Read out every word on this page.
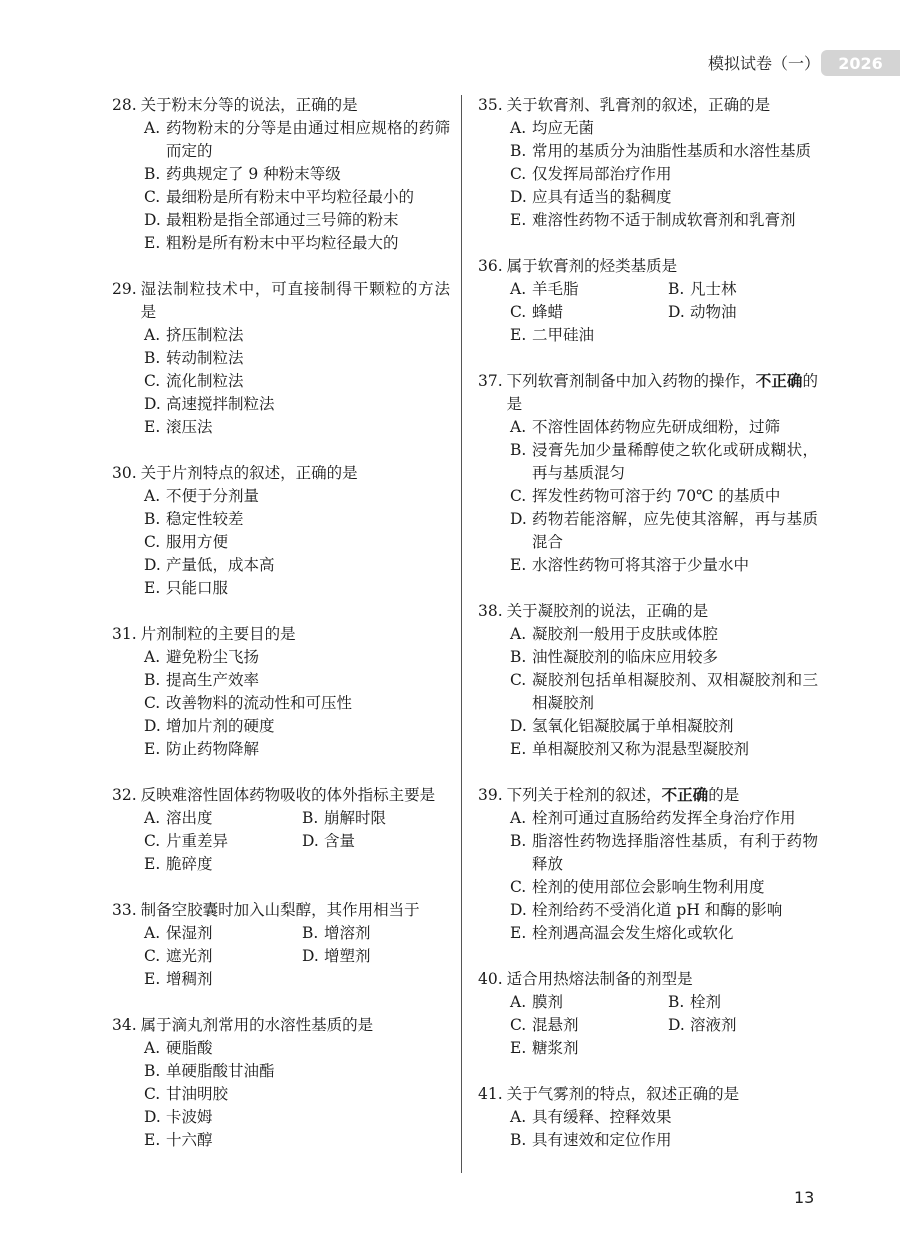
模拟试卷（一）	2026
28. 关于粉末分等的说法，正确的是
A. 药物粉末的分等是由通过相应规格的药筛而定的
B. 药典规定了 9 种粉末等级
C. 最细粉是所有粉末中平均粒径最小的
D. 最粗粉是指全部通过三号筛的粉末
E. 粗粉是所有粉末中平均粒径最大的
29. 湿法制粒技术中，可直接制得干颗粒的方法是
A. 挤压制粒法
B. 转动制粒法
C. 流化制粒法
D. 高速搅拌制粒法
E. 滚压法
30. 关于片剂特点的叙述，正确的是
A. 不便于分剂量
B. 稳定性较差
C. 服用方便
D. 产量低，成本高
E. 只能口服
31. 片剂制粒的主要目的是
A. 避免粉尘飞扬
B. 提高生产效率
C. 改善物料的流动性和可压性
D. 增加片剂的硬度
E. 防止药物降解
32. 反映难溶性固体药物吸收的体外指标主要是
A. 溶出度	B. 崩解时限
C. 片重差异	D. 含量
E. 脆碎度
33. 制备空胶囊时加入山梨醇，其作用相当于
A. 保湿剂	B. 增溶剂
C. 遮光剂	D. 增塑剂
E. 增稠剂
34. 属于滴丸剂常用的水溶性基质的是
A. 硬脂酸
B. 单硬脂酸甘油酯
C. 甘油明胶
D. 卡波姆
E. 十六醇
35. 关于软膏剂、乳膏剂的叙述，正确的是
A. 均应无菌
B. 常用的基质分为油脂性基质和水溶性基质
C. 仅发挥局部治疗作用
D. 应具有适当的黏稠度
E. 难溶性药物不适于制成软膏剂和乳膏剂
36. 属于软膏剂的烃类基质是
A. 羊毛脂	B. 凡士林
C. 蜂蜡	D. 动物油
E. 二甲硅油
37. 下列软膏剂制备中加入药物的操作，不正确的是
A. 不溶性固体药物应先研成细粉，过筛
B. 浸膏先加少量稀醇使之软化或研成糊状，再与基质混匀
C. 挥发性药物可溶于约 70℃ 的基质中
D. 药物若能溶解，应先使其溶解，再与基质混合
E. 水溶性药物可将其溶于少量水中
38. 关于凝胶剂的说法，正确的是
A. 凝胶剂一般用于皮肤或体腔
B. 油性凝胶剂的临床应用较多
C. 凝胶剂包括单相凝胶剂、双相凝胶剂和三相凝胶剂
D. 氢氧化铝凝胶属于单相凝胶剂
E. 单相凝胶剂又称为混悬型凝胶剂
39. 下列关于栓剂的叙述，不正确的是
A. 栓剂可通过直肠给药发挥全身治疗作用
B. 脂溶性药物选择脂溶性基质，有利于药物释放
C. 栓剂的使用部位会影响生物利用度
D. 栓剂给药不受消化道 pH 和酶的影响
E. 栓剂遇高温会发生熔化或软化
40. 适合用热熔法制备的剂型是
A. 膜剂	B. 栓剂
C. 混悬剂	D. 溶液剂
E. 糖浆剂
41. 关于气雾剂的特点，叙述正确的是
A. 具有缓释、控释效果
B. 具有速效和定位作用
13
